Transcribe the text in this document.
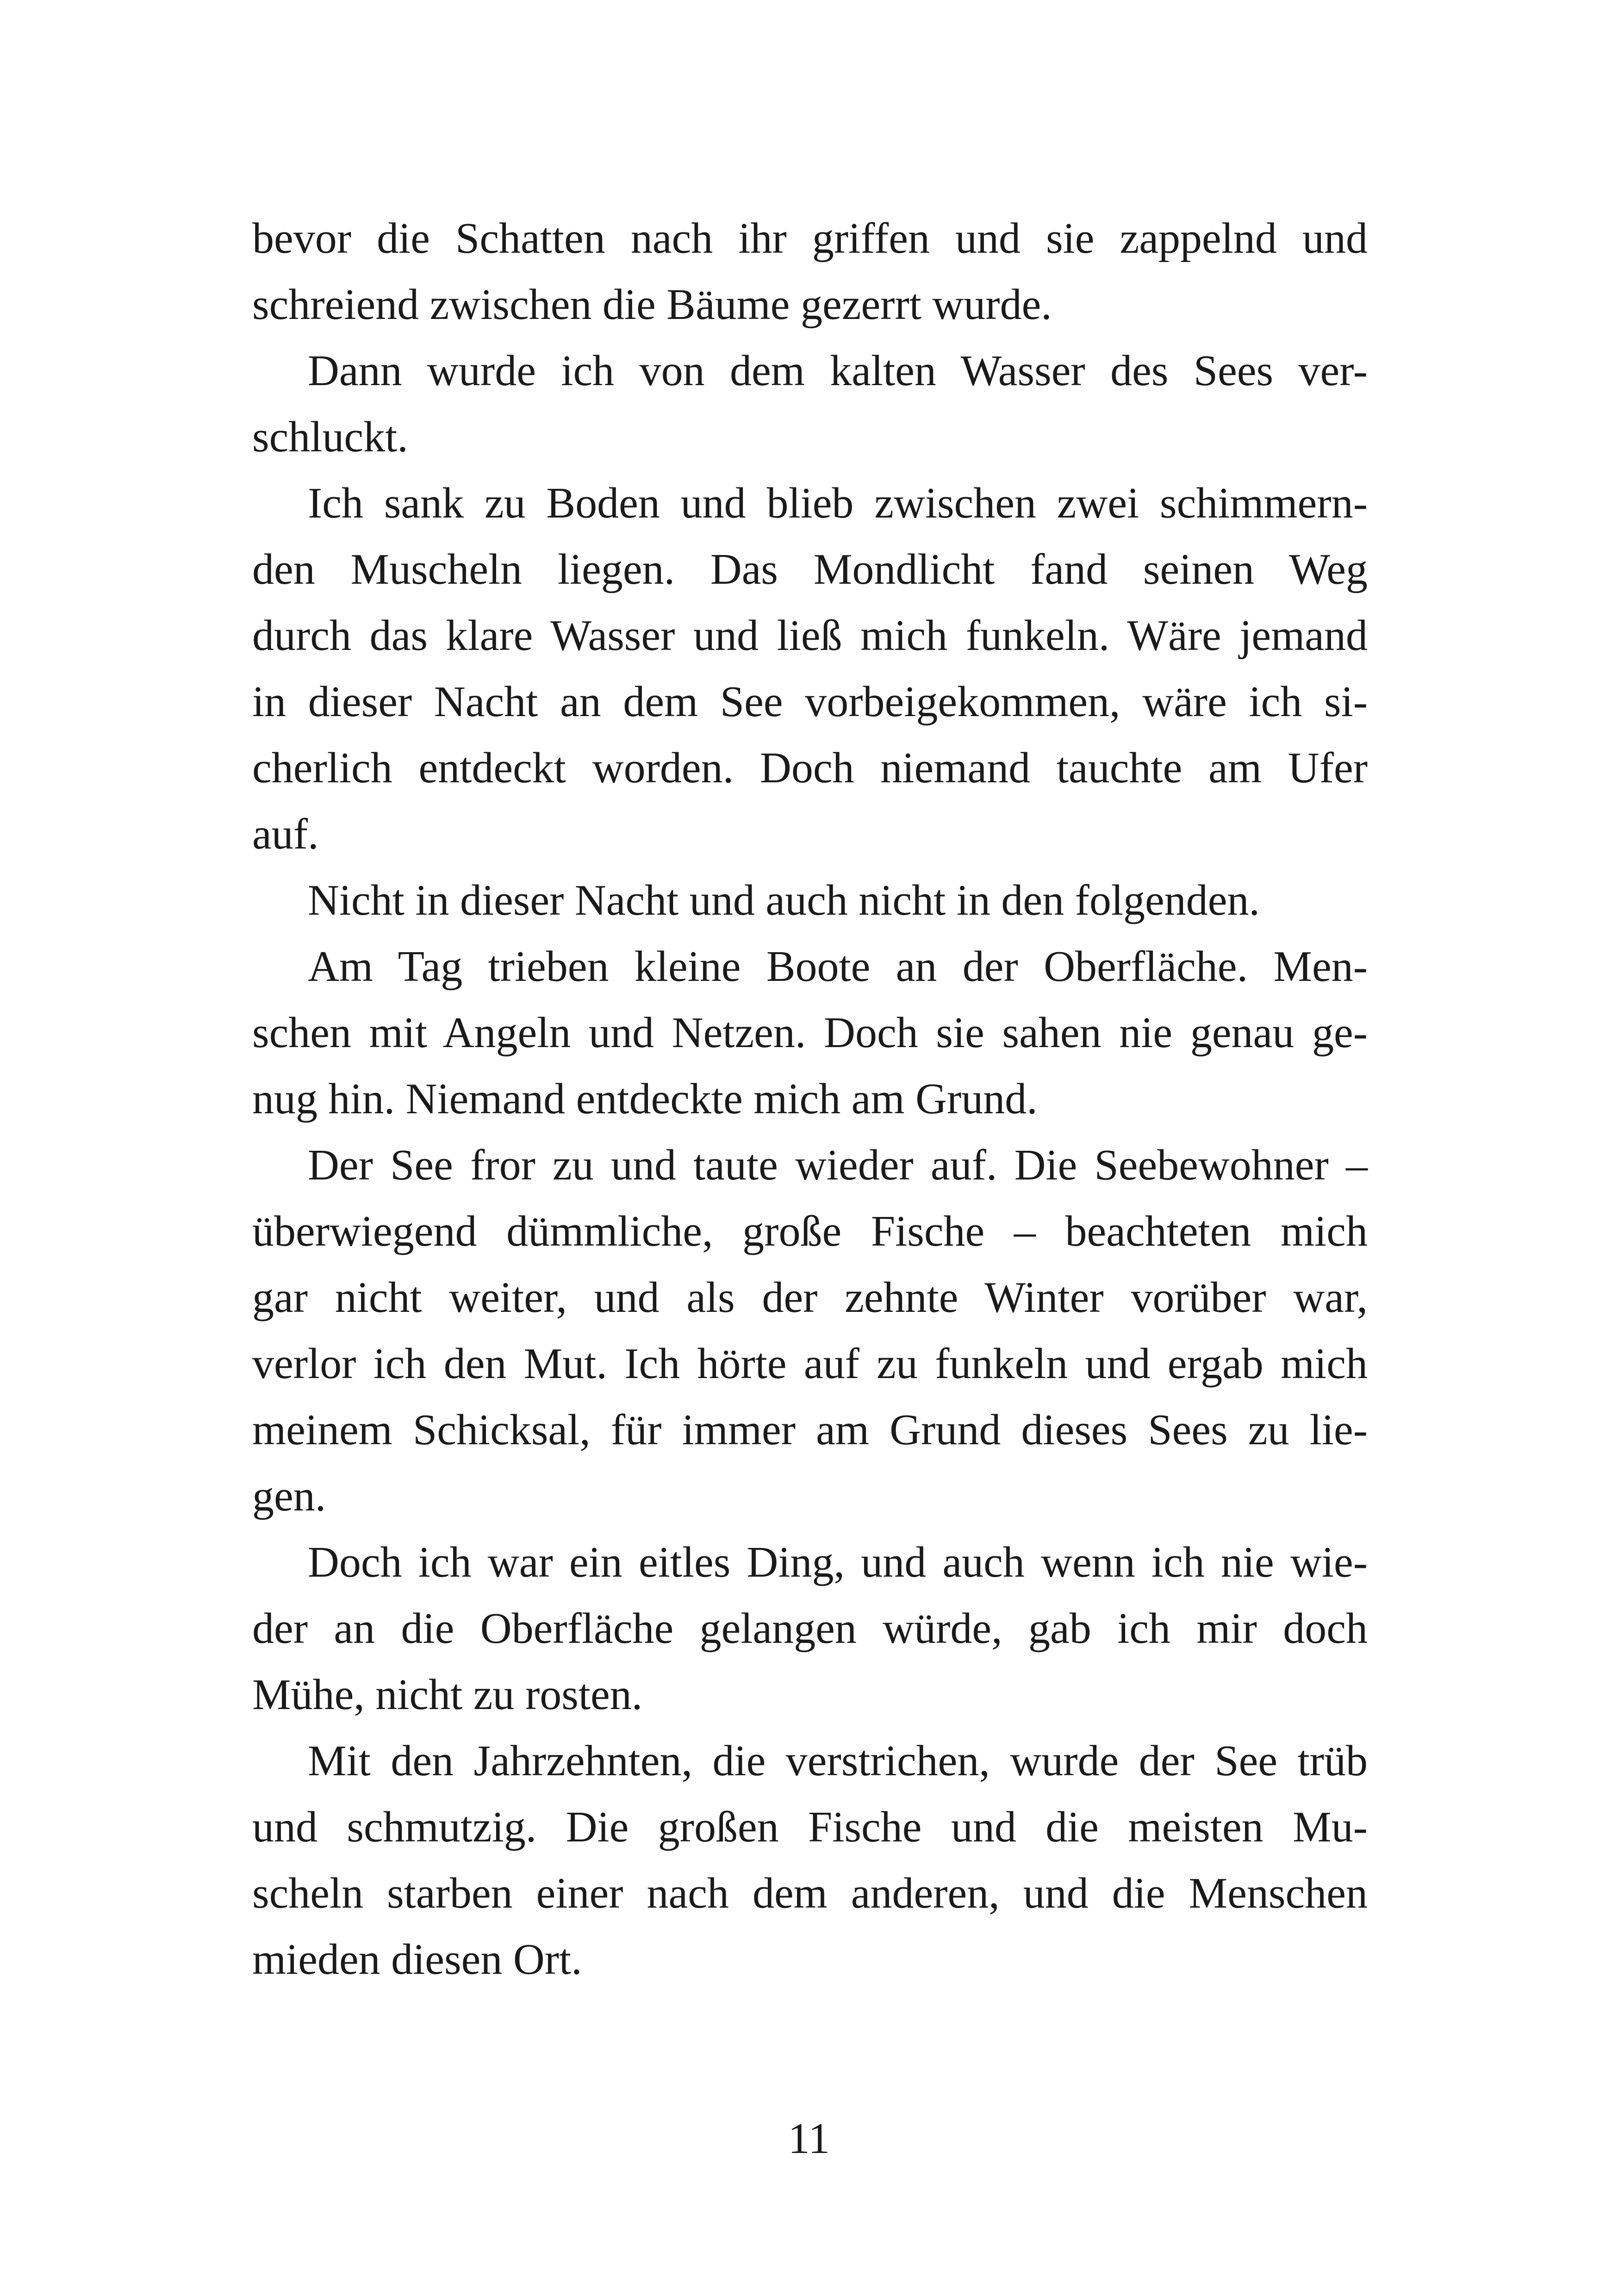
bevor die Schatten nach ihr griffen und sie zappelnd und
schreiend zwischen die Bäume gezerrt wurde.
Dann wurde ich von dem kalten Wasser des Sees ver-
schluckt.
Ich sank zu Boden und blieb zwischen zwei schimmern-
den Muscheln liegen. Das Mondlicht fand seinen Weg
durch das klare Wasser und ließ mich funkeln. Wäre jemand
in dieser Nacht an dem See vorbeigekommen, wäre ich si-
cherlich entdeckt worden. Doch niemand tauchte am Ufer
auf.
Nicht in dieser Nacht und auch nicht in den folgenden.
Am Tag trieben kleine Boote an der Oberfläche. Men-
schen mit Angeln und Netzen. Doch sie sahen nie genau ge-
nug hin. Niemand entdeckte mich am Grund.
Der See fror zu und taute wieder auf. Die Seebewohner –
überwiegend dümmliche, große Fische – beachteten mich
gar nicht weiter, und als der zehnte Winter vorüber war,
verlor ich den Mut. Ich hörte auf zu funkeln und ergab mich
meinem Schicksal, für immer am Grund dieses Sees zu lie-
gen.
Doch ich war ein eitles Ding, und auch wenn ich nie wie-
der an die Oberfläche gelangen würde, gab ich mir doch
Mühe, nicht zu rosten.
Mit den Jahrzehnten, die verstrichen, wurde der See trüb
und schmutzig. Die großen Fische und die meisten Mu-
scheln starben einer nach dem anderen, und die Menschen
mieden diesen Ort.
11
